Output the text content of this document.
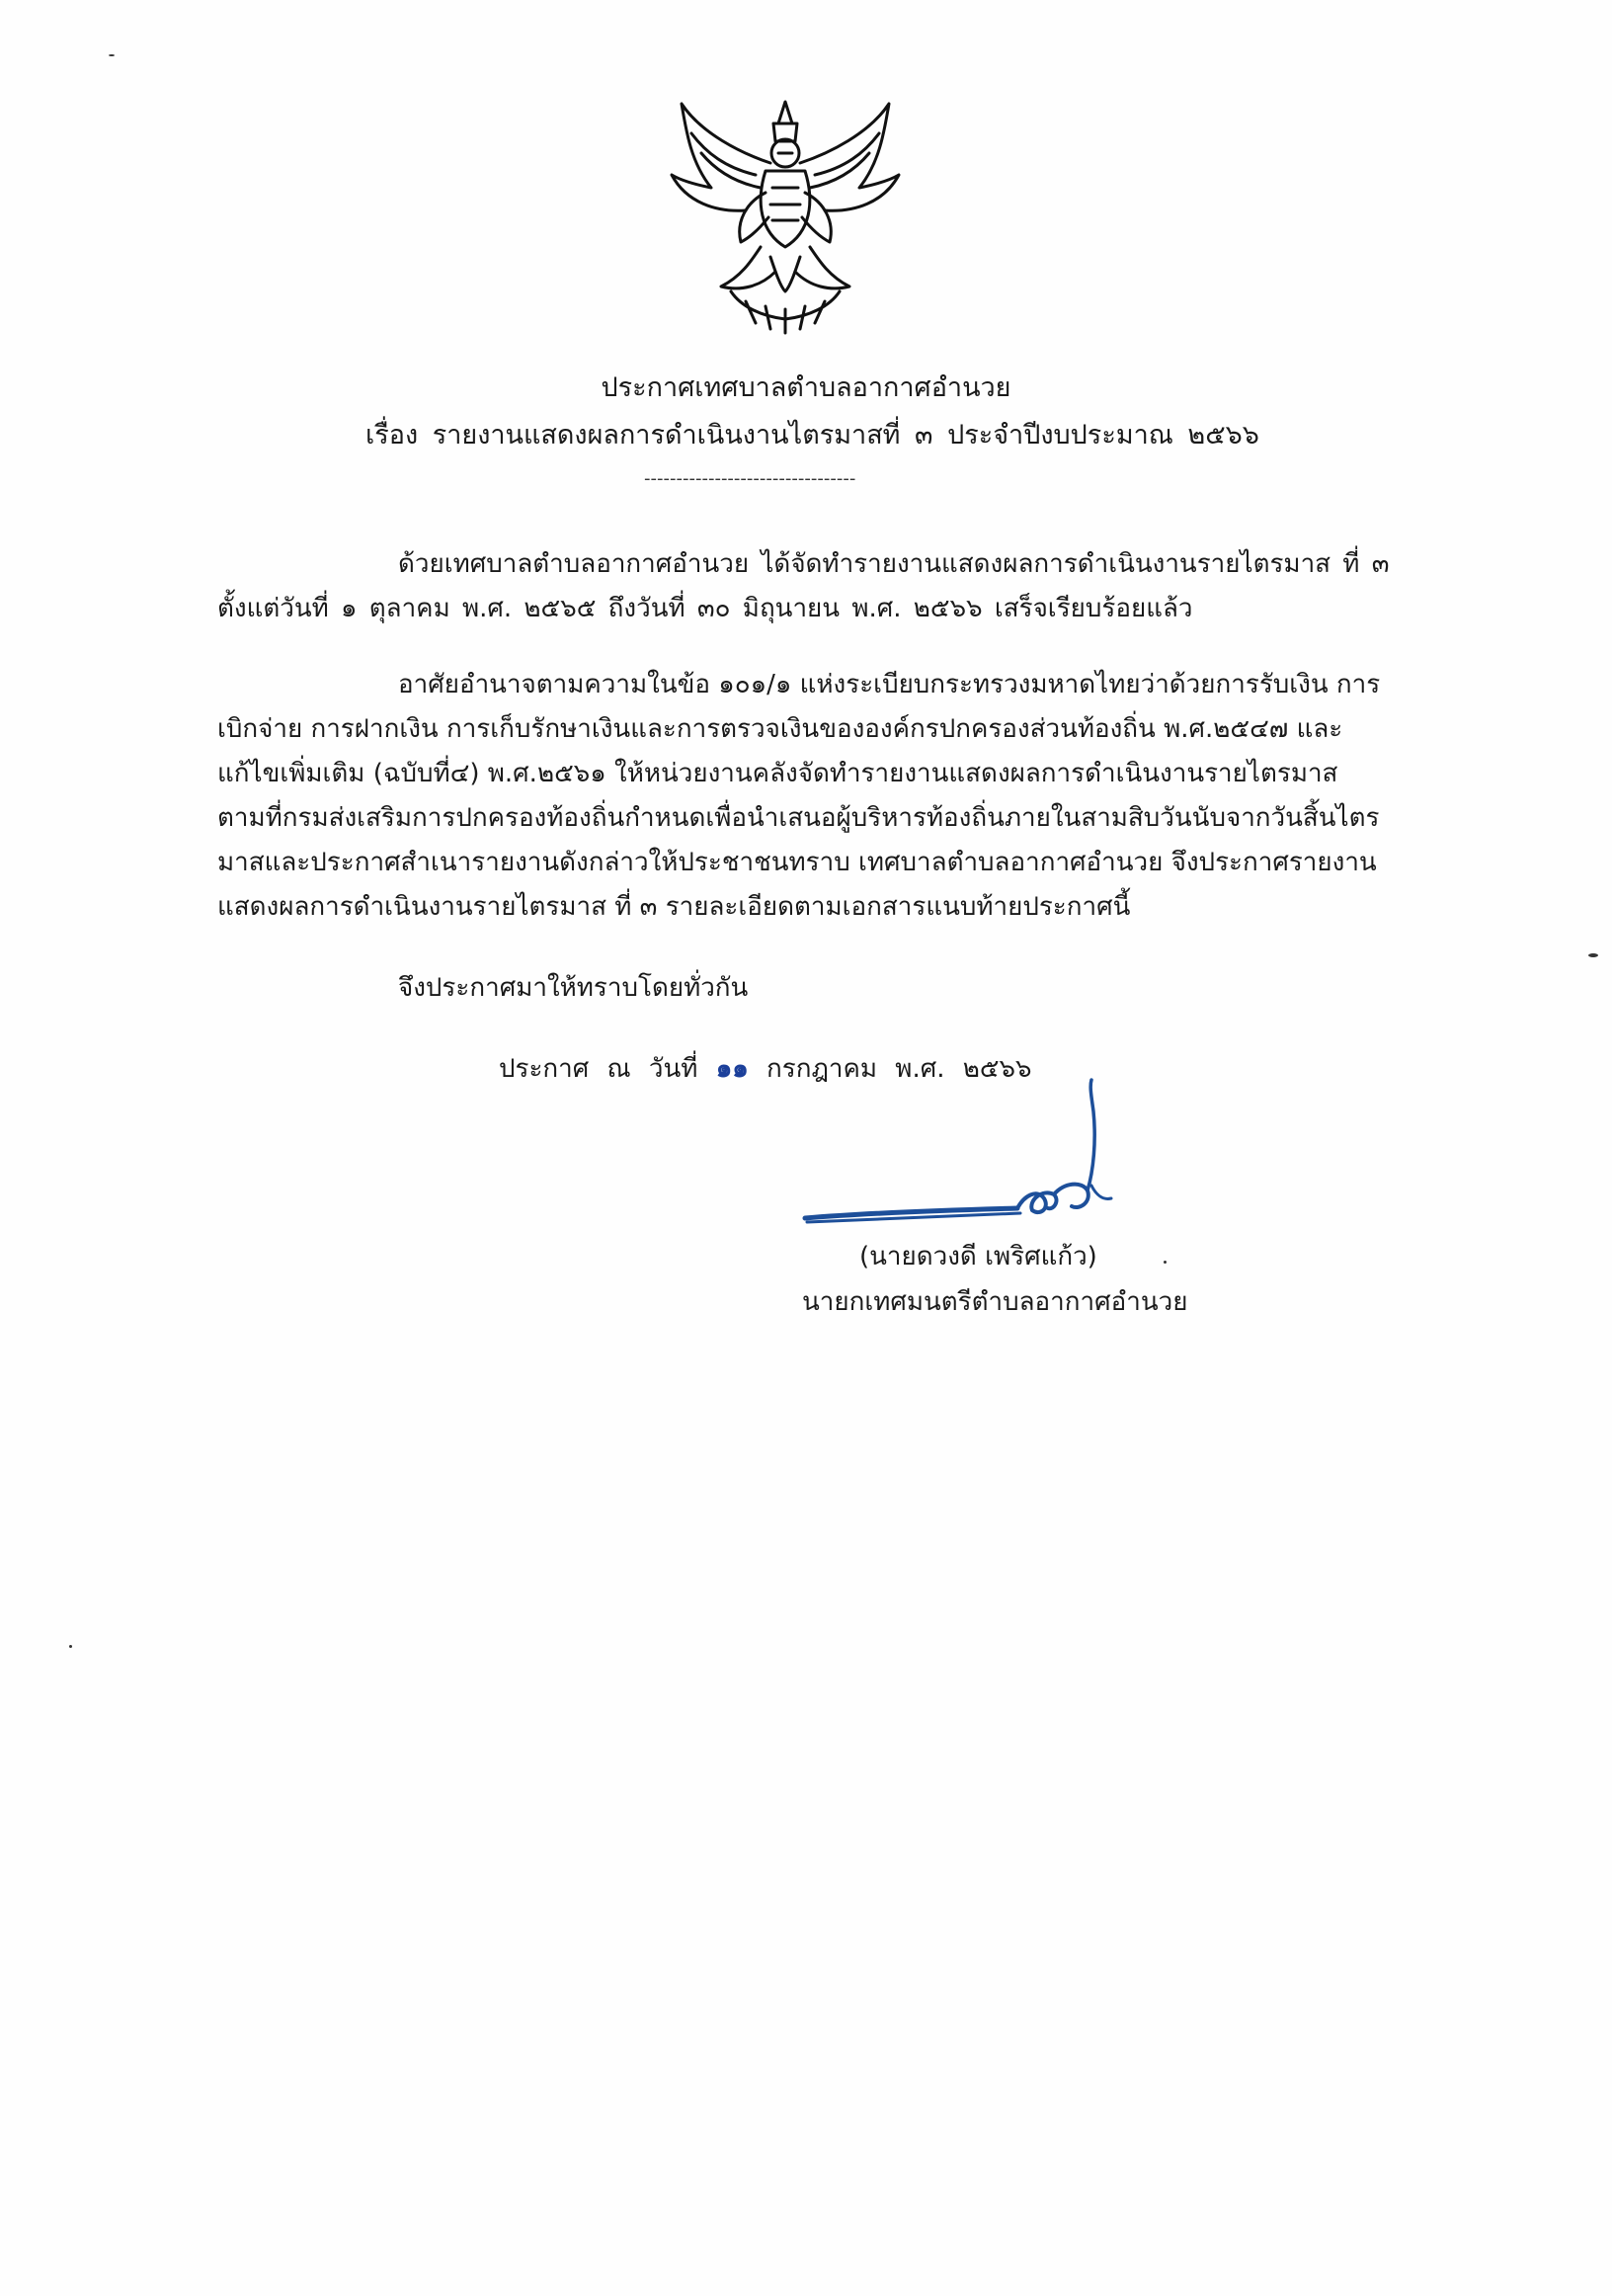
ประกาศเทศบาลตำบลอากาศอำนวย
เรื่อง รายงานแสดงผลการดำเนินงานไตรมาสที่ ๓ ประจำปีงบประมาณ ๒๕๖๖
---------------------------------
ด้วยเทศบาลตำบลอากาศอำนวย ได้จัดทำรายงานแสดงผลการดำเนินงานรายไตรมาส ที่ ๓
ตั้งแต่วันที่ ๑ ตุลาคม พ.ศ. ๒๕๖๕ ถึงวันที่ ๓๐ มิถุนายน พ.ศ. ๒๕๖๖ เสร็จเรียบร้อยแล้ว
อาศัยอำนาจตามความในข้อ ๑๐๑/๑ แห่งระเบียบกระทรวงมหาดไทยว่าด้วยการรับเงิน การ
เบิกจ่าย การฝากเงิน การเก็บรักษาเงินและการตรวจเงินขององค์กรปกครองส่วนท้องถิ่น พ.ศ.๒๕๔๗ และ
แก้ไขเพิ่มเติม (ฉบับที่๔) พ.ศ.๒๕๖๑ ให้หน่วยงานคลังจัดทำรายงานแสดงผลการดำเนินงานรายไตรมาส
ตามที่กรมส่งเสริมการปกครองท้องถิ่นกำหนดเพื่อนำเสนอผู้บริหารท้องถิ่นภายในสามสิบวันนับจากวันสิ้นไตร
มาสและประกาศสำเนารายงานดังกล่าวให้ประชาชนทราบ เทศบาลตำบลอากาศอำนวย จึงประกาศรายงาน
แสดงผลการดำเนินงานรายไตรมาส ที่ ๓ รายละเอียดตามเอกสารแนบท้ายประกาศนี้
จึงประกาศมาให้ทราบโดยทั่วกัน
ประกาศ ณ วันที่ ๑๑ กรกฎาคม พ.ศ. ๒๕๖๖
(นายดวงดี เพริศแก้ว)
นายกเทศมนตรีตำบลอากาศอำนวย
